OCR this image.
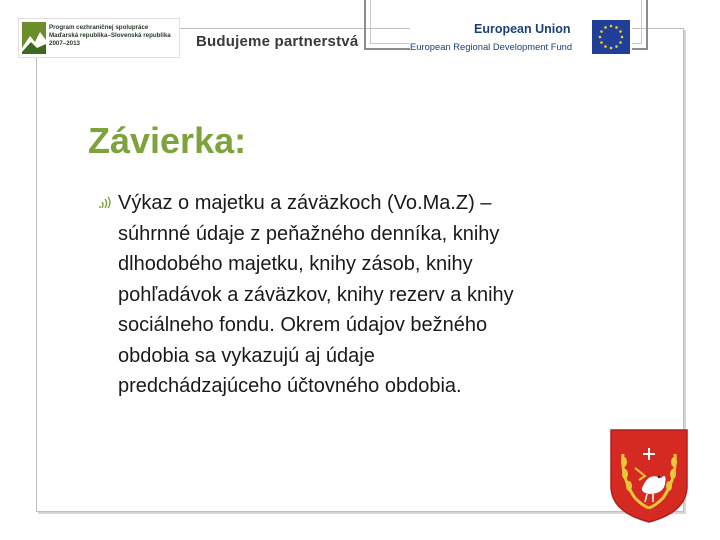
Program cezhraničnej spolupráce
Maďarská republika–Slovenská republika
2007–2013	Budujeme partnerstvá
European Union
European Regional Development Fund
Závierka:
Výkaz o majetku a záväzkoch (Vo.Ma.Z) –
súhrnné údaje z peňažného denníka, knihy
dlhodobého majetku, knihy zásob, knihy
pohľadávok a záväzkov, knihy rezerv a knihy
sociálneho fondu. Okrem údajov bežného
obdobia sa vykazujú aj údaje
predchádzajúceho účtovného obdobia.
